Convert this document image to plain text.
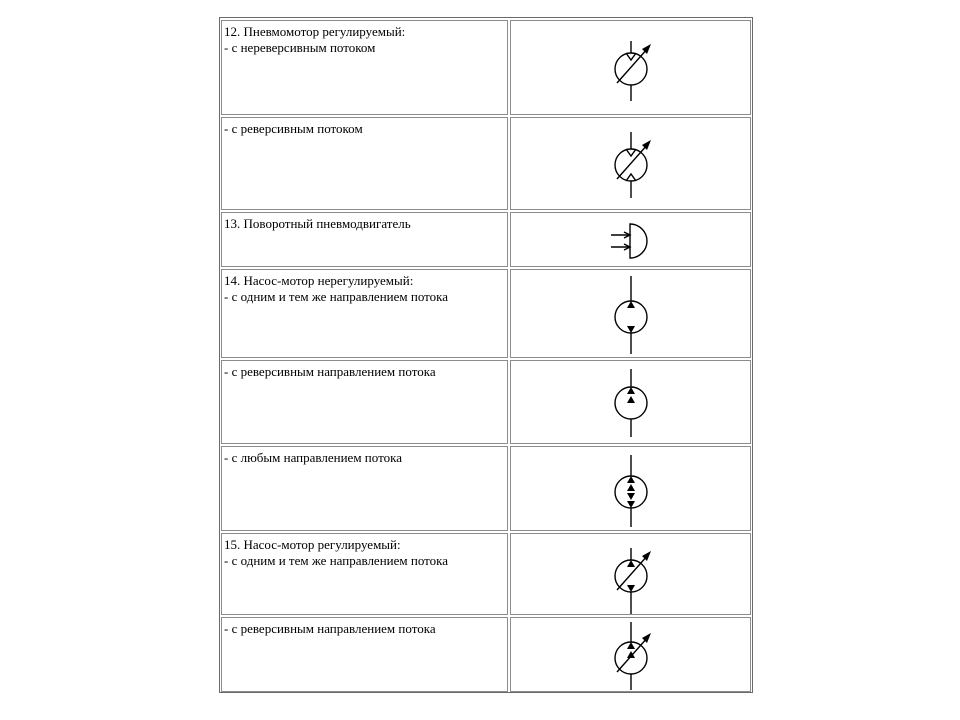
12. Пневмомотор регулируемый:
- с нереверсивным потоком
- с реверсивным потоком
13. Поворотный пневмодвигатель
14. Насос-мотор нерегулируемый:
- с одним и тем же направлением потока
- с реверсивным направлением потока
- с любым направлением потока
15. Насос-мотор регулируемый:
- с одним и тем же направлением потока
- с реверсивным направлением потока
